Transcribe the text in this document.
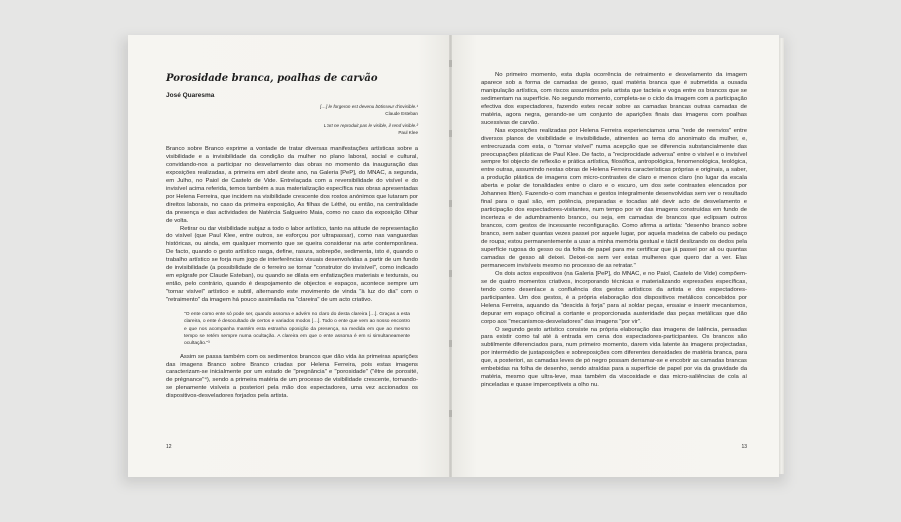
Porosidade branca, poalhas de carvão
José Quaresma
[…] le forgeron est devenu bötisseur d'invisible.¹
Claude Esteban
L'art ne reproduit pas le visible, il rend visible.²
Paul Klee

Branco sobre Branco exprime a vontade de tratar diversas manifestações artísticas sobre a visibilidade e a invisibilidade da condição da mulher no plano laboral, social e cultural, convidando-nos a participar no desvelamento das obras no momento da inauguração das exposições realizadas, a primeira em abril deste ano, na Galeria [PeP], do MNAC, a segunda, em Julho, no Paiol de Castelo de Vide. Entrelaçada com a reversibilidade do visível e do invisível acima referida, temos também a sua materialização específica nas obras apresentadas por Helena Ferreira, que incidem na visibilidade crescente dos rostos anónimos que lutaram por direitos laborais, no caso da primeira exposição, As filhas de Léthé, ou então, na centralidade da presença e das actividades de Natércia Salgueiro Maia, como no caso da exposição Olhar de volta.

Retirar ou dar visibilidade subjaz a todo o labor artístico, tanto na atitude de representação do visível (que Paul Klee, entre outros, se esforçou por ultrapassar), como nas vanguardas históricas, ou ainda, em qualquer momento que se queira considerar na arte contemporânea. De facto, quando o gesto artístico rasga, define, rasura, sobrepõe, sedimenta, isto é, quando o trabalho artístico se forja num jogo de interferências visuais desenvolvidas a partir de um fundo de invisibilidade (a possibilidade de o ferreiro se tornar "construtor do invisível", como indicado em epígrafe por Claude Esteban), ou quando se dilata em enfatizações materiais e texturais, ou então, pelo contrário, quando é despojamento de objectos e espaços, acontece sempre um "tornar visível" artístico e subtil, alternando este movimento de vinda "à luz do dia" com o "retraimento" da imagem há pouco assimilada na "clareira" de um acto criativo.

"O ente como ente só pode ser, quando assoma e advém no claro do desta clareira […]. Graças a esta clareira, o ente é desocultado de certos e variados modos […]. Todo o ente que vem ao nosso encontro e que nos acompanha mantém esta estranha oposição da presença, na medida em que ao mesmo tempo se retém sempre numa ocultação. A clareira em que o ente assoma é em si simultaneamente ocultação."³

Assim se passa também com os sedimentos brancos que dão vida às primeiras aparições das imagens Branco sobre Branco criadas por Helena Ferreira, pois estas imagens caracterizam-se inicialmente por um estado de "pregnância" e "porosidade" ("être de porosité, de prégnance"⁴), sendo a primeira matéria de um processo de visibilidade crescente, tornando-se plenamente visíveis a posteriori pela mão dos espectadores, uma vez accionados os dispositivos-desveladores forjados pela artista.

12

No primeiro momento, esta dupla ocorrência de retraimento e desvelamento da imagem aparece sob a forma de camadas de gesso, qual matéria branca que é submetida a ousada manipulação artística, com riscos assumidos pela artista que tacteia e voga entre os brancos que se sedimentam na superfície. No segundo momento, completa-se o ciclo da imagem com a participação efectiva dos espectadores, fazendo estes recair sobre as camadas brancas outras camadas de matéria, agora negra, gerando-se um conjunto de aparições finais das imagens com poalhas sucessivas de carvão.

Nas exposições realizadas por Helena Ferreira experienciamos uma "rede de reenvios" entre diversos planos de visibilidade e invisibilidade, atinentes ao tema do anonimato da mulher, e, entrecruzada com esta, o "tornar visível" numa acepção que se diferencia substancialmente das preocupações plásticas de Paul Klee. De facto, a "reciprocidade adversa" entre o visível e o invisível sempre foi objecto de reflexão e prática artística, filosófica, antropológica, fenomenológica, teológica, entre outras, assumindo nestas obras de Helena Ferreira características próprias e originais, a saber, a produção plástica de imagens com micro-contrastes de claro e menos claro (no lugar da escala aberta e polar de tonalidades entre o claro e o escuro, um dos sete contrastes elencados por Johannes Itten). Fazendo-o com manchas e gestos integralmente desenvolvidas sem ver o resultado final para o qual são, em potência, preparadas e tocadas até devir acto de desvelamento e participação dos espectadores-visitantes, num tempo por vir das imagens construídas em fundo de incerteza e de adumbramento branco, ou seja, em camadas de brancos que eclipsam outros brancos, com gestos de incessante reconfiguração. Como afirma a artista: "desenho branco sobre branco, sem saber quantas vezes passei por aquele lugar, por aquela madeixa de cabelo ou pedaço de roupa; estou permanentemente a usar a minha memória gestual e táctil deslizando os dedos pela superfície rugosa do gesso ou da folha de papel para me certificar que já passei por ali ou quantas camadas de gesso ali deixei. Deixei-os sem ver estas mulheres que quero dar a ver. Elas permanecem invisíveis mesmo no processo de as retratar."

Os dois actos expositivos (na Galeria [PeP], do MNAC, e no Paiol, Castelo de Vide) compõem-se de quatro momentos criativos, incorporando técnicas e materializando expressões específicas, tendo como desenlace a confluência dos gestos artísticos da artista e dos espectadores-participantes. Um dos gestos, é a própria elaboração dos dispositivos metálicos concebidos por Helena Ferreira, aquando da "descida à forja" para aí soldar peças, ensaiar e inserir mecanismos, depurar em espaço oficinal a cortante e proporcionada austeridade das peças metálicas que dão corpo aos "mecanismos-desveladores" das imagens "por vir".

O segundo gesto artístico consiste na própria elaboração das imagens de latência, pensadas para existir como tal até à entrada em cena dos espectadores-participantes. Os brancos são subtilmente diferenciados para, num primeiro momento, darem vida latente às imagens projectadas, por intermédio de justaposições e sobreposições com diferentes densidades de matéria branca, para que, a posteriori, as camadas leves de pó negro possam derramar-se e encobrir as camadas brancas embebidas na folha de desenho, sendo atraídas para a superfície de papel por via da gravidade da matéria, mesmo que ultra-leve, mas também da viscosidade e das micro-saliências de cola aí pinceladas e quase imperceptíveis a olho nu.

13
